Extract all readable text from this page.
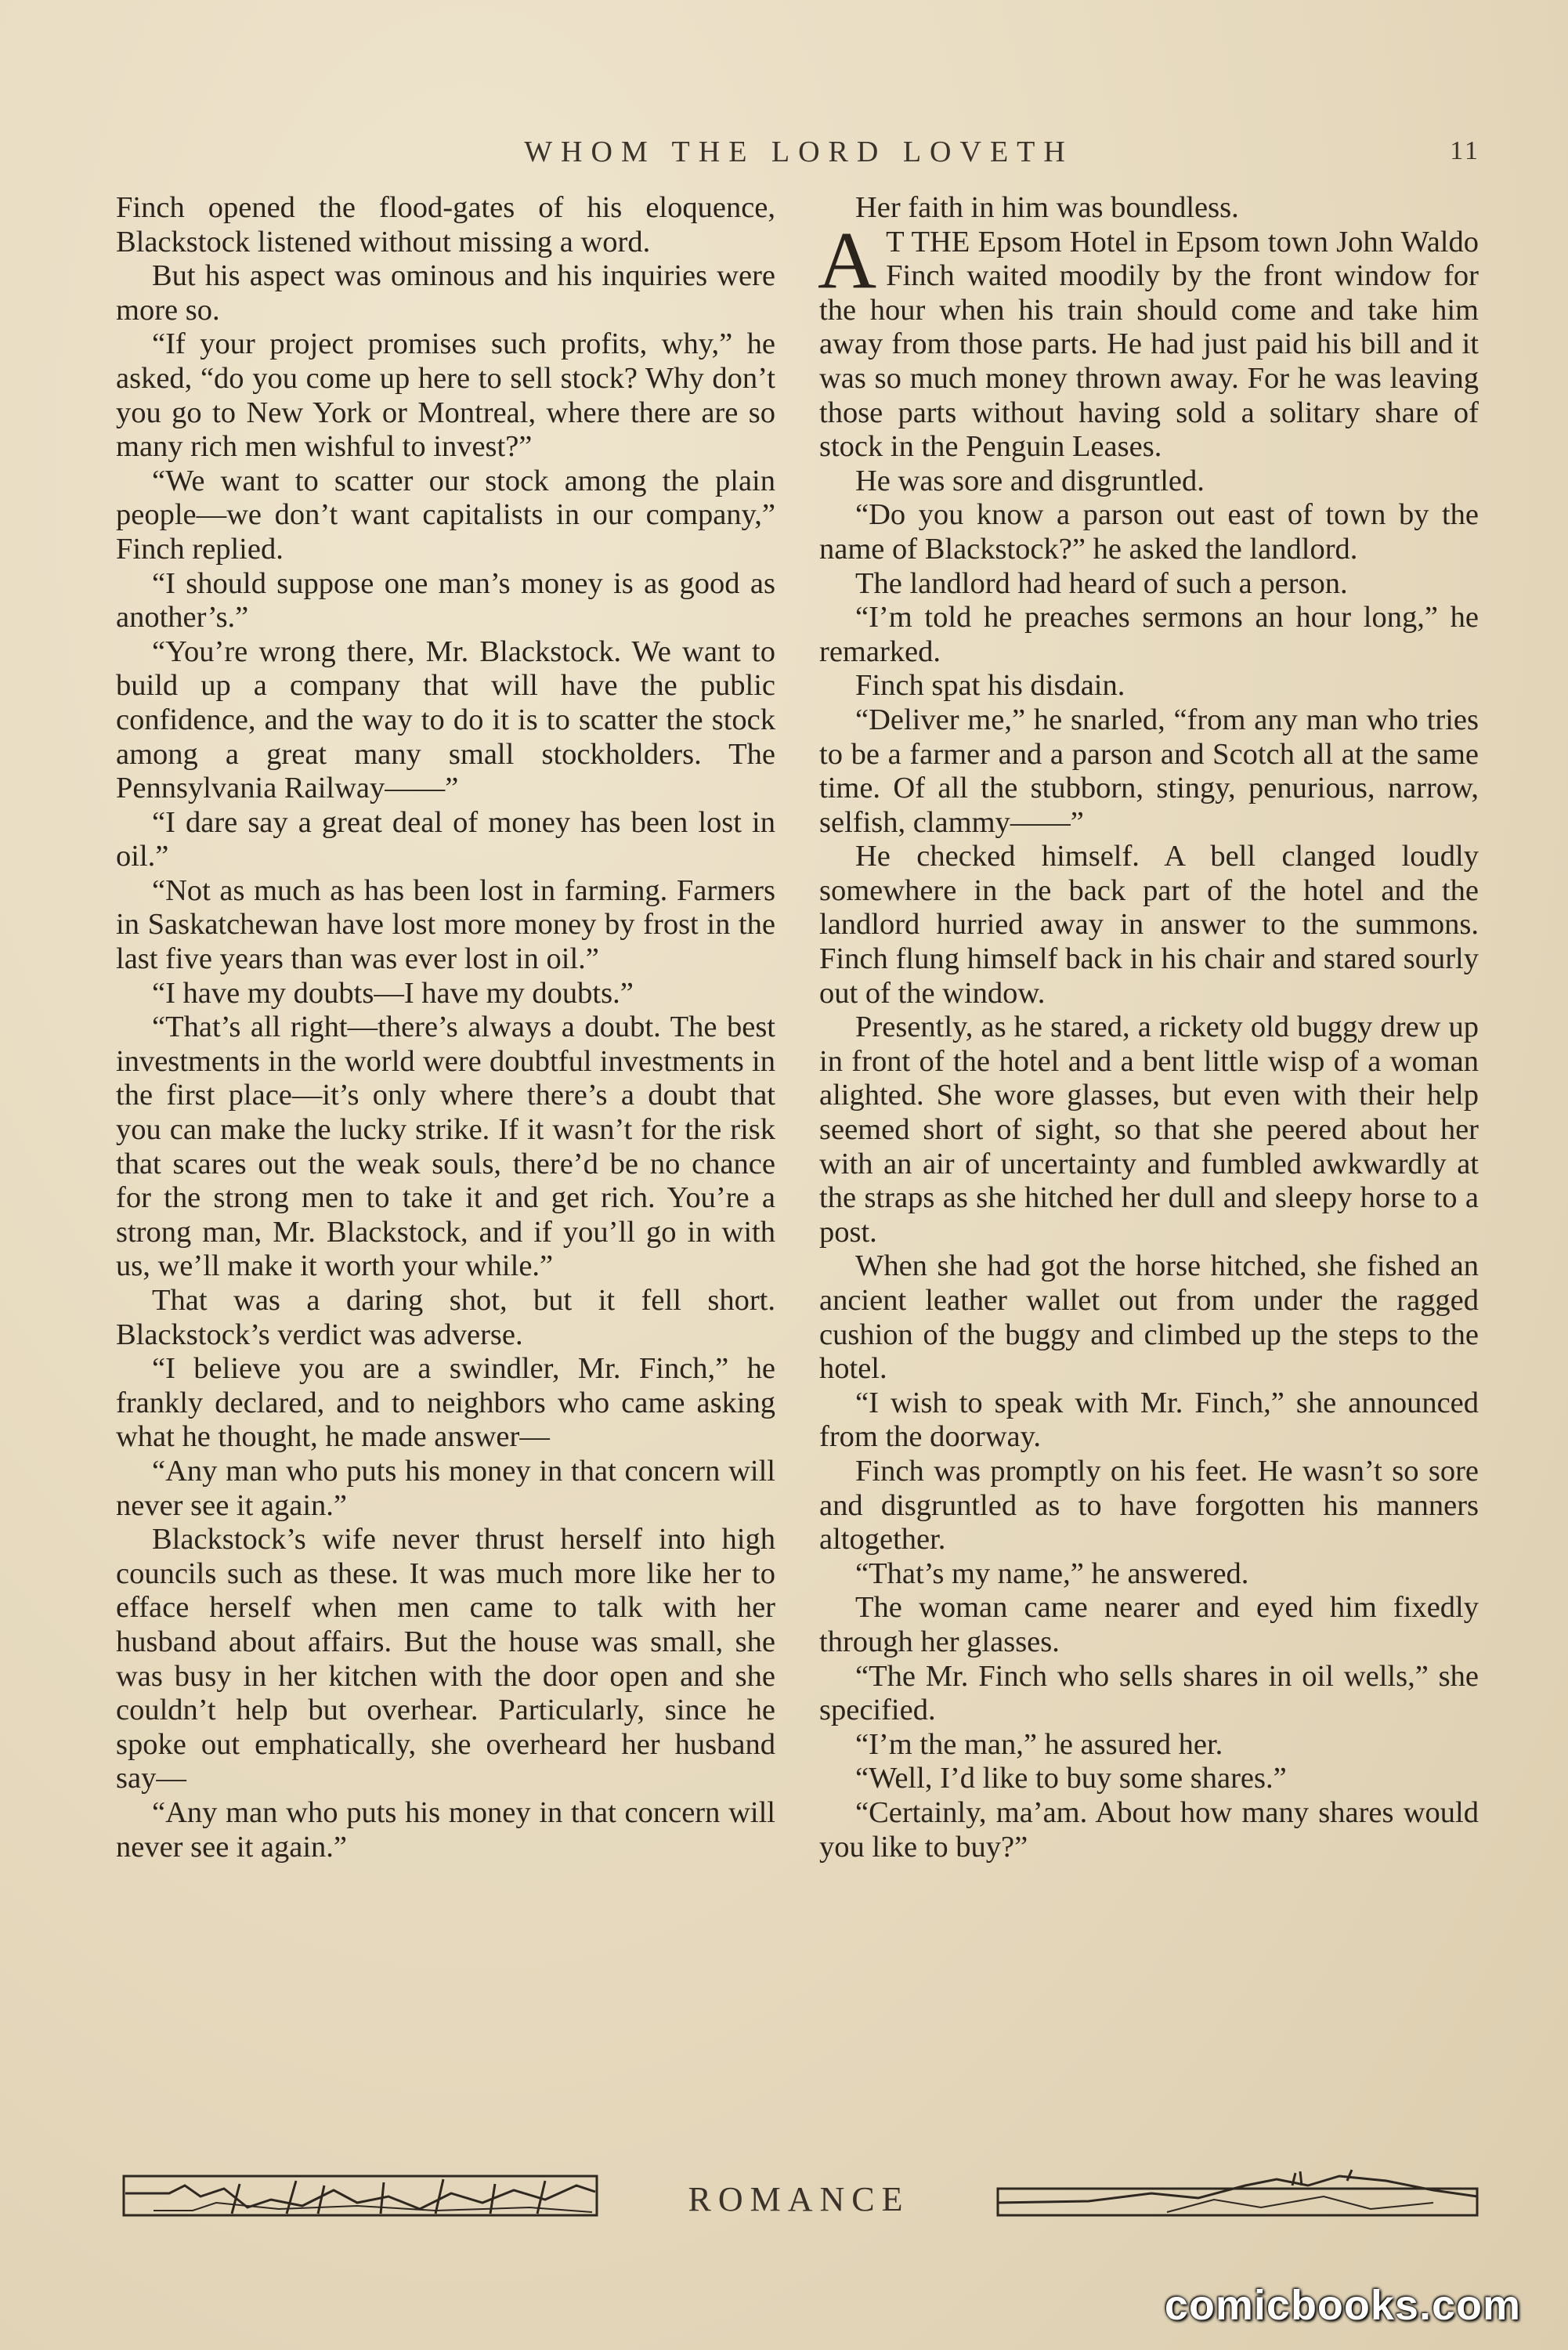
WHOM THE LORD LOVETH	11

Finch opened the flood-gates of his eloquence, Blackstock listened without missing a word.

But his aspect was ominous and his inquiries were more so.

“If your project promises such profits, why,” he asked, “do you come up here to sell stock? Why don’t you go to New York or Montreal, where there are so many rich men wishful to invest?”

“We want to scatter our stock among the plain people—we don’t want capitalists in our company,” Finch replied.

“I should suppose one man’s money is as good as another’s.”

“You’re wrong there, Mr. Blackstock. We want to build up a company that will have the public confidence, and the way to do it is to scatter the stock among a great many small stockholders. The Pennsylvania Railway——”

“I dare say a great deal of money has been lost in oil.”

“Not as much as has been lost in farming. Farmers in Saskatchewan have lost more money by frost in the last five years than was ever lost in oil.”

“I have my doubts—I have my doubts.”

“That’s all right—there’s always a doubt. The best investments in the world were doubtful investments in the first place—it’s only where there’s a doubt that you can make the lucky strike. If it wasn’t for the risk that scares out the weak souls, there’d be no chance for the strong men to take it and get rich. You’re a strong man, Mr. Blackstock, and if you’ll go in with us, we’ll make it worth your while.”

That was a daring shot, but it fell short. Blackstock’s verdict was adverse.

“I believe you are a swindler, Mr. Finch,” he frankly declared, and to neighbors who came asking what he thought, he made answer—

“Any man who puts his money in that concern will never see it again.”

Blackstock’s wife never thrust herself into high councils such as these. It was much more like her to efface herself when men came to talk with her husband about affairs. But the house was small, she was busy in her kitchen with the door open and she couldn’t help but overhear. Particularly, since he spoke out emphatically, she overheard her husband say—

“Any man who puts his money in that concern will never see it again.”

Her faith in him was boundless.

A T THE Epsom Hotel in Epsom town John Waldo Finch waited moodily by the front window for the hour when his train should come and take him away from those parts. He had just paid his bill and it was so much money thrown away. For he was leaving those parts without having sold a solitary share of stock in the Penguin Leases.

He was sore and disgruntled.

“Do you know a parson out east of town by the name of Blackstock?” he asked the landlord.

The landlord had heard of such a person.

“I’m told he preaches sermons an hour long,” he remarked.

Finch spat his disdain.

“Deliver me,” he snarled, “from any man who tries to be a farmer and a parson and Scotch all at the same time. Of all the stubborn, stingy, penurious, narrow, selfish, clammy——”

He checked himself. A bell clanged loudly somewhere in the back part of the hotel and the landlord hurried away in answer to the summons. Finch flung himself back in his chair and stared sourly out of the window.

Presently, as he stared, a rickety old buggy drew up in front of the hotel and a bent little wisp of a woman alighted. She wore glasses, but even with their help seemed short of sight, so that she peered about her with an air of uncertainty and fumbled awkwardly at the straps as she hitched her dull and sleepy horse to a post.

When she had got the horse hitched, she fished an ancient leather wallet out from under the ragged cushion of the buggy and climbed up the steps to the hotel.

“I wish to speak with Mr. Finch,” she announced from the doorway.

Finch was promptly on his feet. He wasn’t so sore and disgruntled as to have forgotten his manners altogether.

“That’s my name,” he answered.

The woman came nearer and eyed him fixedly through her glasses.

“The Mr. Finch who sells shares in oil wells,” she specified.

“I’m the man,” he assured her.

“Well, I’d like to buy some shares.”

“Certainly, ma’am. About how many shares would you like to buy?”

ROMANCE
comicbooks.com
